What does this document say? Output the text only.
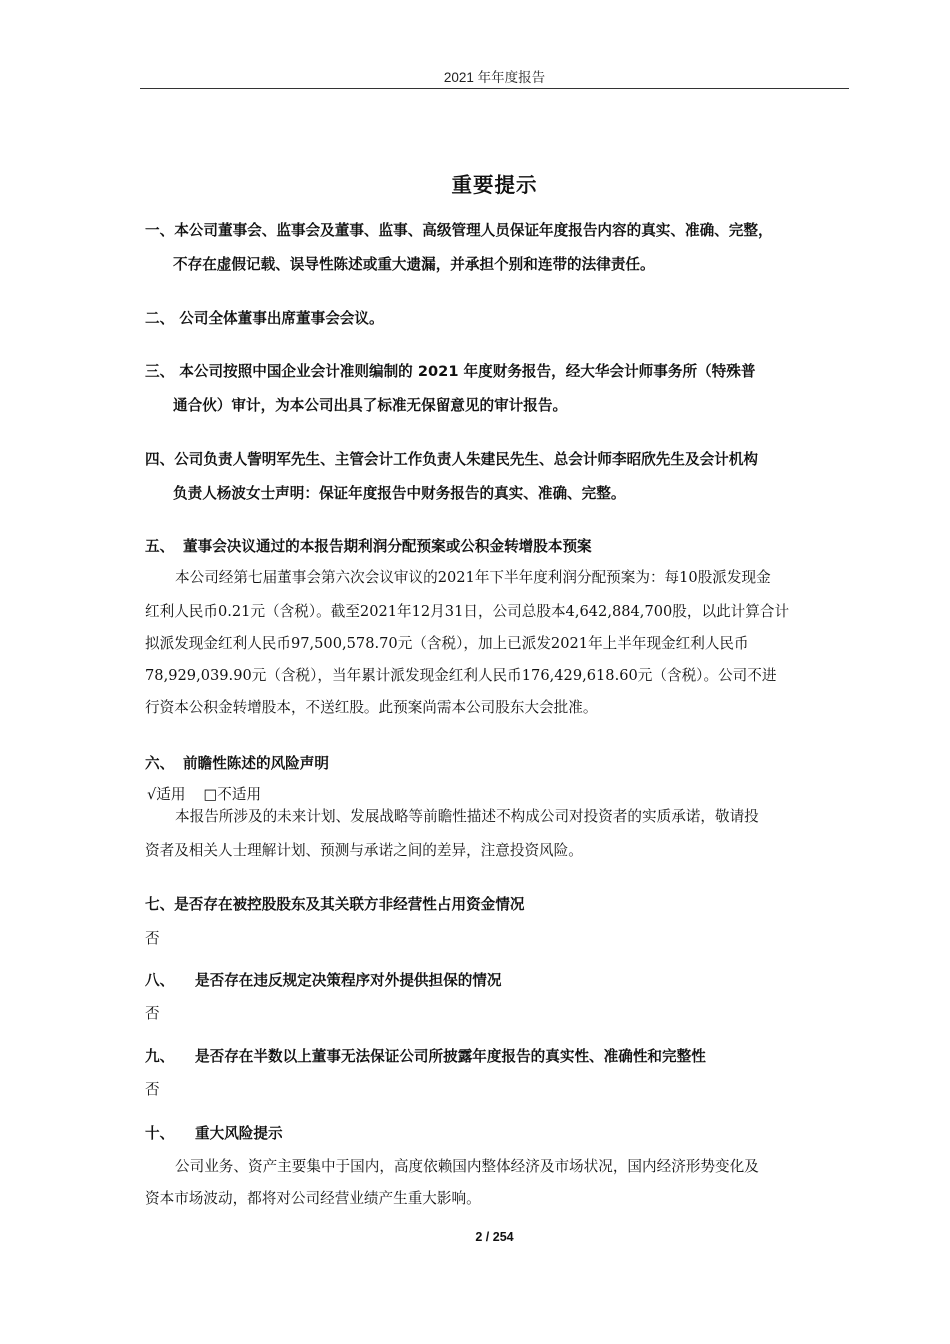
2021 年年度报告
重要提示
一、本公司董事会、监事会及董事、监事、高级管理人员保证年度报告内容的真实、准确、完整，
不存在虚假记载、误导性陈述或重大遗漏，并承担个别和连带的法律责任。
二、 公司全体董事出席董事会会议。
三、 本公司按照中国企业会计准则编制的 2021 年度财务报告，经大华会计师事务所（特殊普
通合伙）审计，为本公司出具了标准无保留意见的审计报告。
四、公司负责人訾明军先生、主管会计工作负责人朱建民先生、总会计师李昭欣先生及会计机构
负责人杨波女士声明：保证年度报告中财务报告的真实、准确、完整。
五、 董事会决议通过的本报告期利润分配预案或公积金转增股本预案
本公司经第七届董事会第六次会议审议的2021年下半年度利润分配预案为：每10股派发现金
红利人民币0.21元（含税）。截至2021年12月31日，公司总股本4,642,884,700股，以此计算合计
拟派发现金红利人民币97,500,578.70元（含税），加上已派发2021年上半年现金红利人民币
78,929,039.90元（含税），当年累计派发现金红利人民币176,429,618.60元（含税）。公司不进
行资本公积金转增股本，不送红股。此预案尚需本公司股东大会批准。
六、 前瞻性陈述的风险声明
√适用 □不适用
本报告所涉及的未来计划、发展战略等前瞻性描述不构成公司对投资者的实质承诺，敬请投
资者及相关人士理解计划、预测与承诺之间的差异，注意投资风险。
七、是否存在被控股股东及其关联方非经营性占用资金情况
否
八、 是否存在违反规定决策程序对外提供担保的情况
否
九、 是否存在半数以上董事无法保证公司所披露年度报告的真实性、准确性和完整性
否
十、 重大风险提示
公司业务、资产主要集中于国内，高度依赖国内整体经济及市场状况，国内经济形势变化及
资本市场波动，都将对公司经营业绩产生重大影响。
2 / 254
